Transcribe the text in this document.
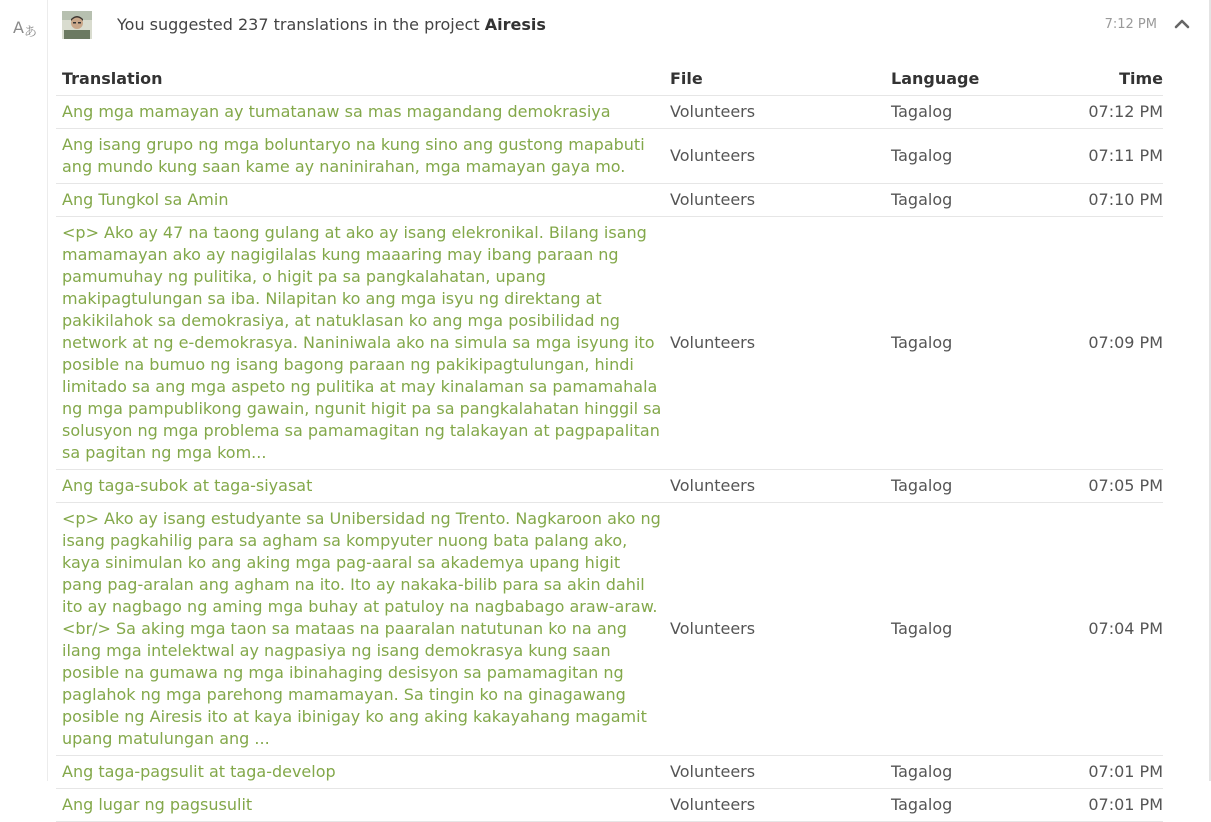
A あ	You suggested 237 translations in the project Airesis	7:12 PM
Translation	File	Language	Time
Ang mga mamayan ay tumatanaw sa mas magandang demokrasiya	Volunteers	Tagalog	07:12 PM
Ang isang grupo ng mga boluntaryo na kung sino ang gustong mapabuti ang mundo kung saan kame ay naninirahan, mga mamayan gaya mo.	Volunteers	Tagalog	07:11 PM
Ang Tungkol sa Amin	Volunteers	Tagalog	07:10 PM
<p> Ako ay 47 na taong gulang at ako ay isang elekronikal. Bilang isang mamamayan ako ay nagigilalas kung maaaring may ibang paraan ng pamumuhay ng pulitika, o higit pa sa pangkalahatan, upang makipagtulungan sa iba. Nilapitan ko ang mga isyu ng direktang at pakikilahok sa demokrasiya, at natuklasan ko ang mga posibilidad ng network at ng e-demokrasya. Naniniwala ako na simula sa mga isyung ito posible na bumuo ng isang bagong paraan ng pakikipagtulungan, hindi limitado sa ang mga aspeto ng pulitika at may kinalaman sa pamamahala ng mga pampublikong gawain, ngunit higit pa sa pangkalahatan hinggil sa solusyon ng mga problema sa pamamagitan ng talakayan at pagpapalitan sa pagitan ng mga kom...	Volunteers	Tagalog	07:09 PM
Ang taga-subok at taga-siyasat	Volunteers	Tagalog	07:05 PM
<p> Ako ay isang estudyante sa Unibersidad ng Trento. Nagkaroon ako ng isang pagkahilig para sa agham sa kompyuter nuong bata palang ako, kaya sinimulan ko ang aking mga pag-aaral sa akademya upang higit pang pag-aralan ang agham na ito. Ito ay nakaka-bilib para sa akin dahil ito ay nagbago ng aming mga buhay at patuloy na nagbabago araw-araw.<br/> Sa aking mga taon sa mataas na paaralan natutunan ko na ang ilang mga intelektwal ay nagpasiya ng isang demokrasya kung saan posible na gumawa ng mga ibinahaging desisyon sa pamamagitan ng paglahok ng mga parehong mamamayan. Sa tingin ko na ginagawang posible ng Airesis ito at kaya ibinigay ko ang aking kakayahang magamit upang matulungan ang ...	Volunteers	Tagalog	07:04 PM
Ang taga-pagsulit at taga-develop	Volunteers	Tagalog	07:01 PM
Ang lugar ng pagsusulit	Volunteers	Tagalog	07:01 PM
